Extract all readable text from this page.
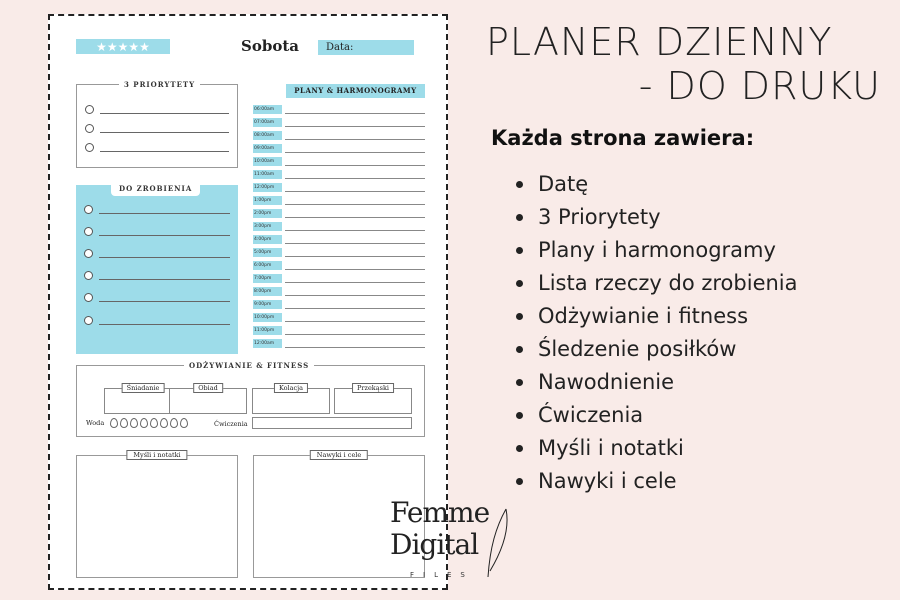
★★★★★	Sobota	Data:
3 PRIORYTETY
DO ZROBIENIA
PLANY & HARMONOGRAMY
06:00am
07:00am
08:00am
09:00am
10:00am
11:00am
12:00pm
1:00pm
2:00pm
3:00pm
4:00pm
5:00pm
6:00pm
7:00pm
8:00pm
9:00pm
10:00pm
11:00pm
12:00am
ODŻYWIANIE & FITNESS
Śniadanie	Obiad	Kolacja	Przekąski
Woda	Ćwiczenia
Myśli i notatki	Nawyki i cele
PLANER DZIENNY
- DO DRUKU
Każda strona zawiera:
Datę
3 Priorytety
Plany i harmonogramy
Lista rzeczy do zrobienia
Odżywianie i fitness
Śledzenie posiłków
Nawodnienie
Ćwiczenia
Myśli i notatki
Nawyki i cele
Femme
Digital
FILES
